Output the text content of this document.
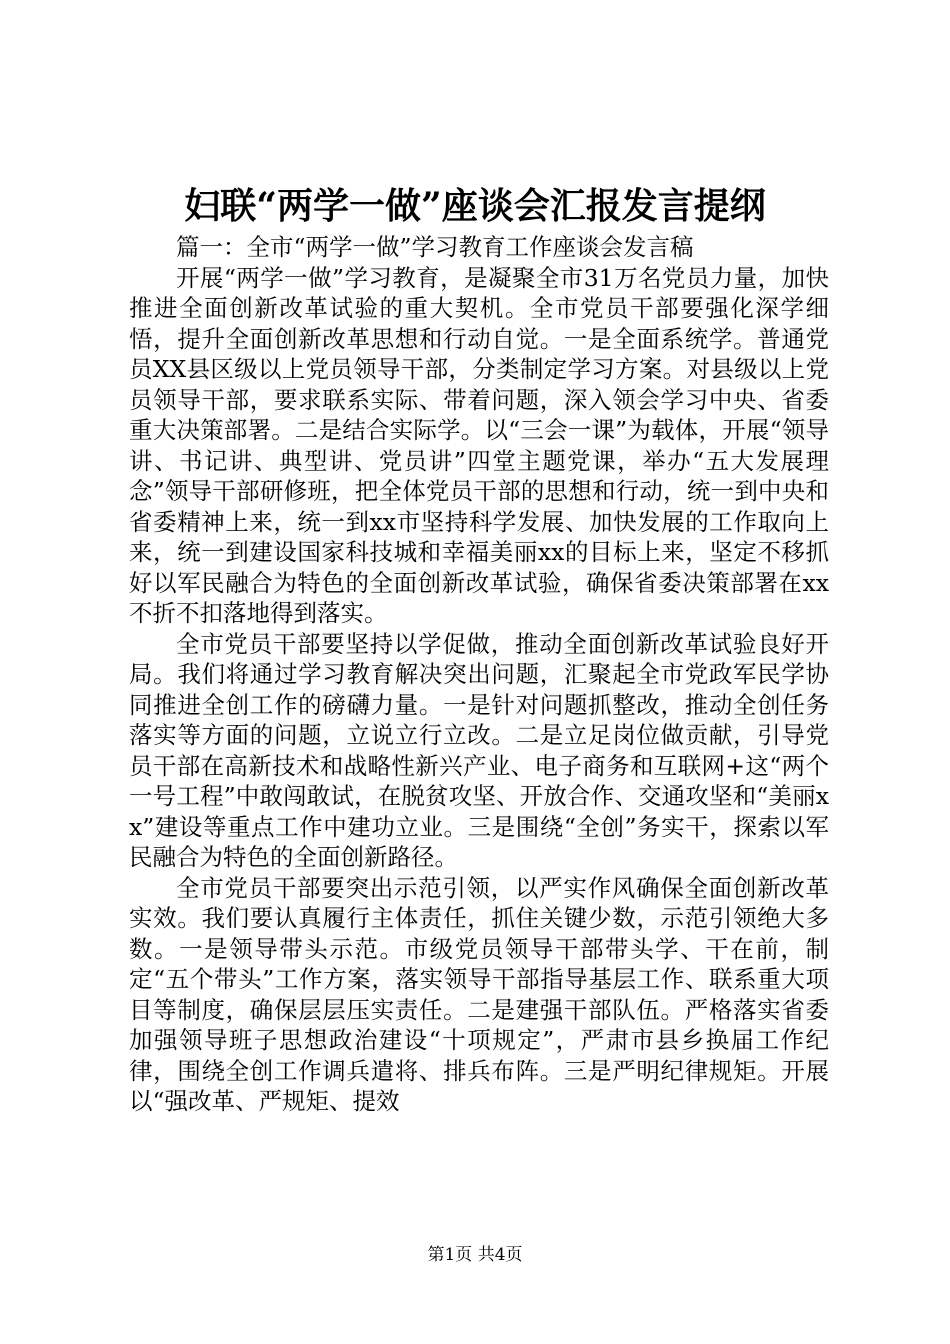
妇联“两学一做”座谈会汇报发言提纲

篇一：全市“两学一做”学习教育工作座谈会发言稿

开展“两学一做”学习教育，是凝聚全市31万名党员力量，加快推进全面创新改革试验的重大契机。全市党员干部要强化深学细悟，提升全面创新改革思想和行动自觉。一是全面系统学。普通党员XX县区级以上党员领导干部，分类制定学习方案。对县级以上党员领导干部，要求联系实际、带着问题，深入领会学习中央、省委重大决策部署。二是结合实际学。以“三会一课”为载体，开展“领导讲、书记讲、典型讲、党员讲”四堂主题党课，举办“五大发展理念”领导干部研修班，把全体党员干部的思想和行动，统一到中央和省委精神上来，统一到xx市坚持科学发展、加快发展的工作取向上来，统一到建设国家科技城和幸福美丽xx的目标上来，坚定不移抓好以军民融合为特色的全面创新改革试验，确保省委决策部署在xx不折不扣落地得到落实。

全市党员干部要坚持以学促做，推动全面创新改革试验良好开局。我们将通过学习教育解决突出问题，汇聚起全市党政军民学协同推进全创工作的磅礴力量。一是针对问题抓整改，推动全创任务落实等方面的问题，立说立行立改。二是立足岗位做贡献，引导党员干部在高新技术和战略性新兴产业、电子商务和互联网+这“两个一号工程”中敢闯敢试，在脱贫攻坚、开放合作、交通攻坚和“美丽xx”建设等重点工作中建功立业。三是围绕“全创”务实干，探索以军民融合为特色的全面创新路径。

全市党员干部要突出示范引领，以严实作风确保全面创新改革实效。我们要认真履行主体责任，抓住关键少数，示范引领绝大多数。一是领导带头示范。市级党员领导干部带头学、干在前，制定“五个带头”工作方案，落实领导干部指导基层工作、联系重大项目等制度，确保层层压实责任。二是建强干部队伍。严格落实省委加强领导班子思想政治建设“十项规定”，严肃市县乡换届工作纪律，围绕全创工作调兵遣将、排兵布阵。三是严明纪律规矩。开展以“强改革、严规矩、提效

第1页 共4页
